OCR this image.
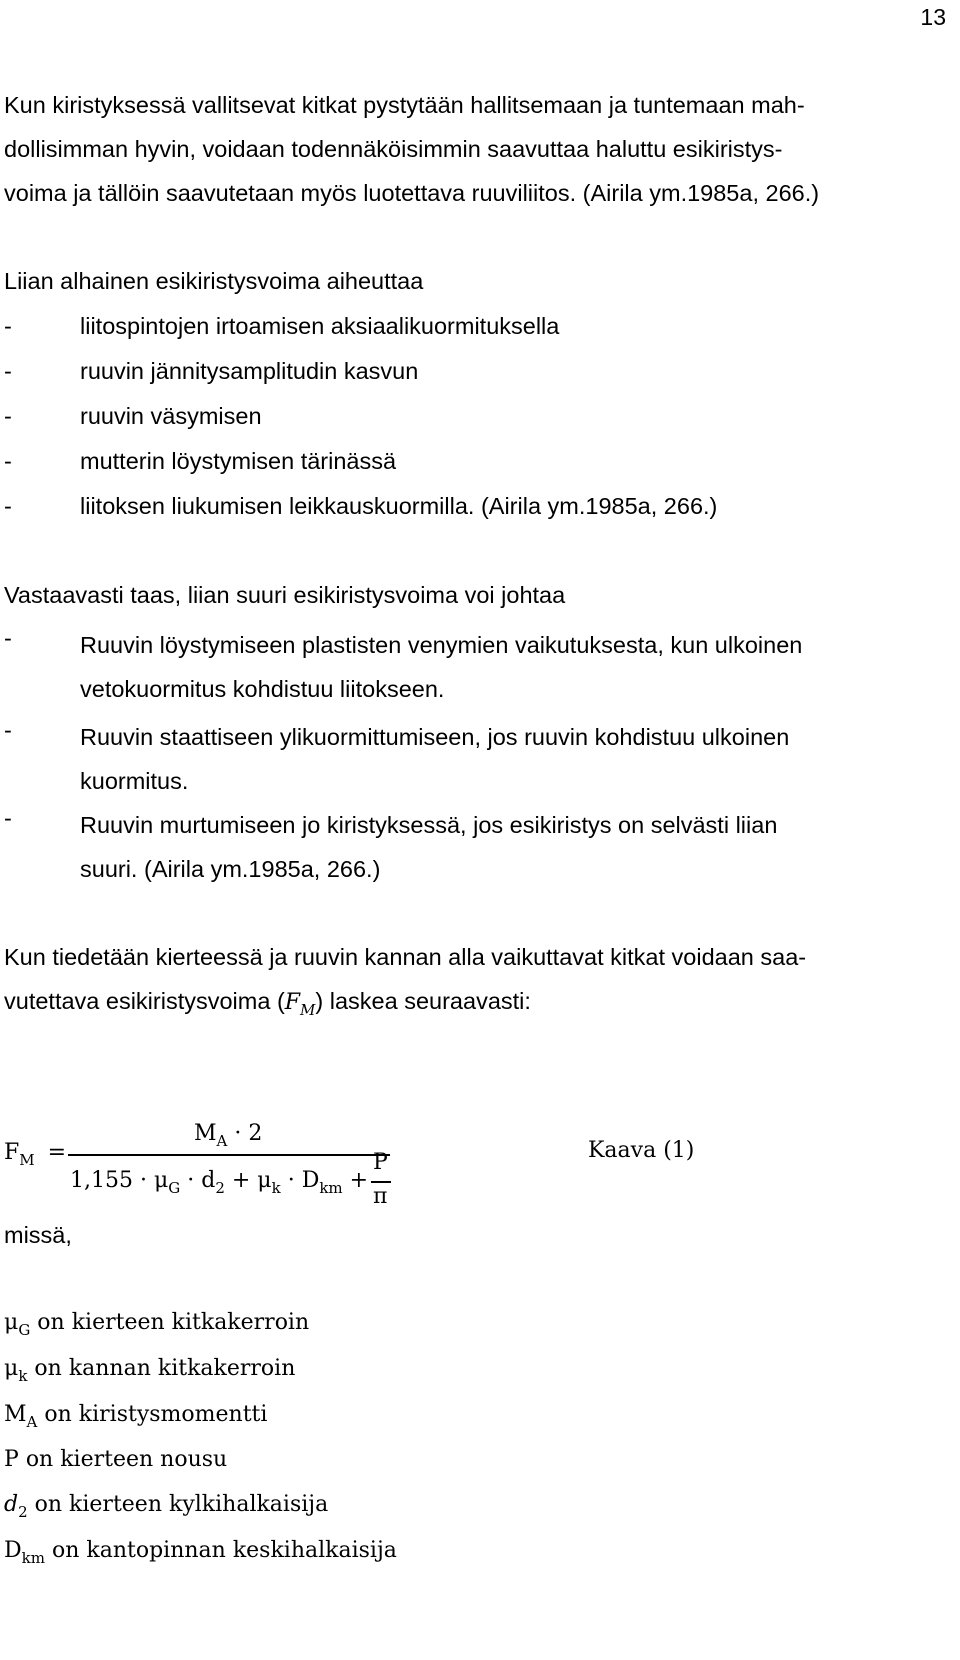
13
Kun kiristyksessä vallitsevat kitkat pystytään hallitsemaan ja tuntemaan mah-
dollisimman hyvin, voidaan todennäköisimmin saavuttaa haluttu esikiristys-
voima ja tällöin saavutetaan myös luotettava ruuviliitos. (Airila ym.1985a, 266.)
Liian alhainen esikiristysvoima aiheuttaa
-	liitospintojen irtoamisen aksiaalikuormituksella
-	ruuvin jännitysamplitudin kasvun
-	ruuvin väsymisen
-	mutterin löystymisen tärinässä
-	liitoksen liukumisen leikkauskuormilla. (Airila ym.1985a, 266.)
Vastaavasti taas, liian suuri esikiristysvoima voi johtaa
-	Ruuvin löystymiseen plastisten venymien vaikutuksesta, kun ulkoinen
vetokuormitus kohdistuu liitokseen.
-	Ruuvin staattiseen ylikuormittumiseen, jos ruuvin kohdistuu ulkoinen
kuormitus.
-	Ruuvin murtumiseen jo kiristyksessä, jos esikiristys on selvästi liian
suuri. (Airila ym.1985a, 266.)
Kun tiedetään kierteessä ja ruuvin kannan alla vaikuttavat kitkat voidaan saa-
vutettava esikiristysvoima $(F_M)$ laskea seuraavasti:
$F_M$ =
$M_A \cdot 2$
$1,155 \cdot \mu_G \cdot d_2 + \mu_k \cdot D_{km}$ +
P
π
Kaava (1)
missä,
$\mu_G$ on kierteen kitkakerroin
$\mu_k$ on kannan kitkakerroin
$M_A$ on kiristysmomentti
P on kierteen nousu
$d_2$ on kierteen kylkihalkaisija
$D_{km}$ on kantopinnan keskihalkaisija
